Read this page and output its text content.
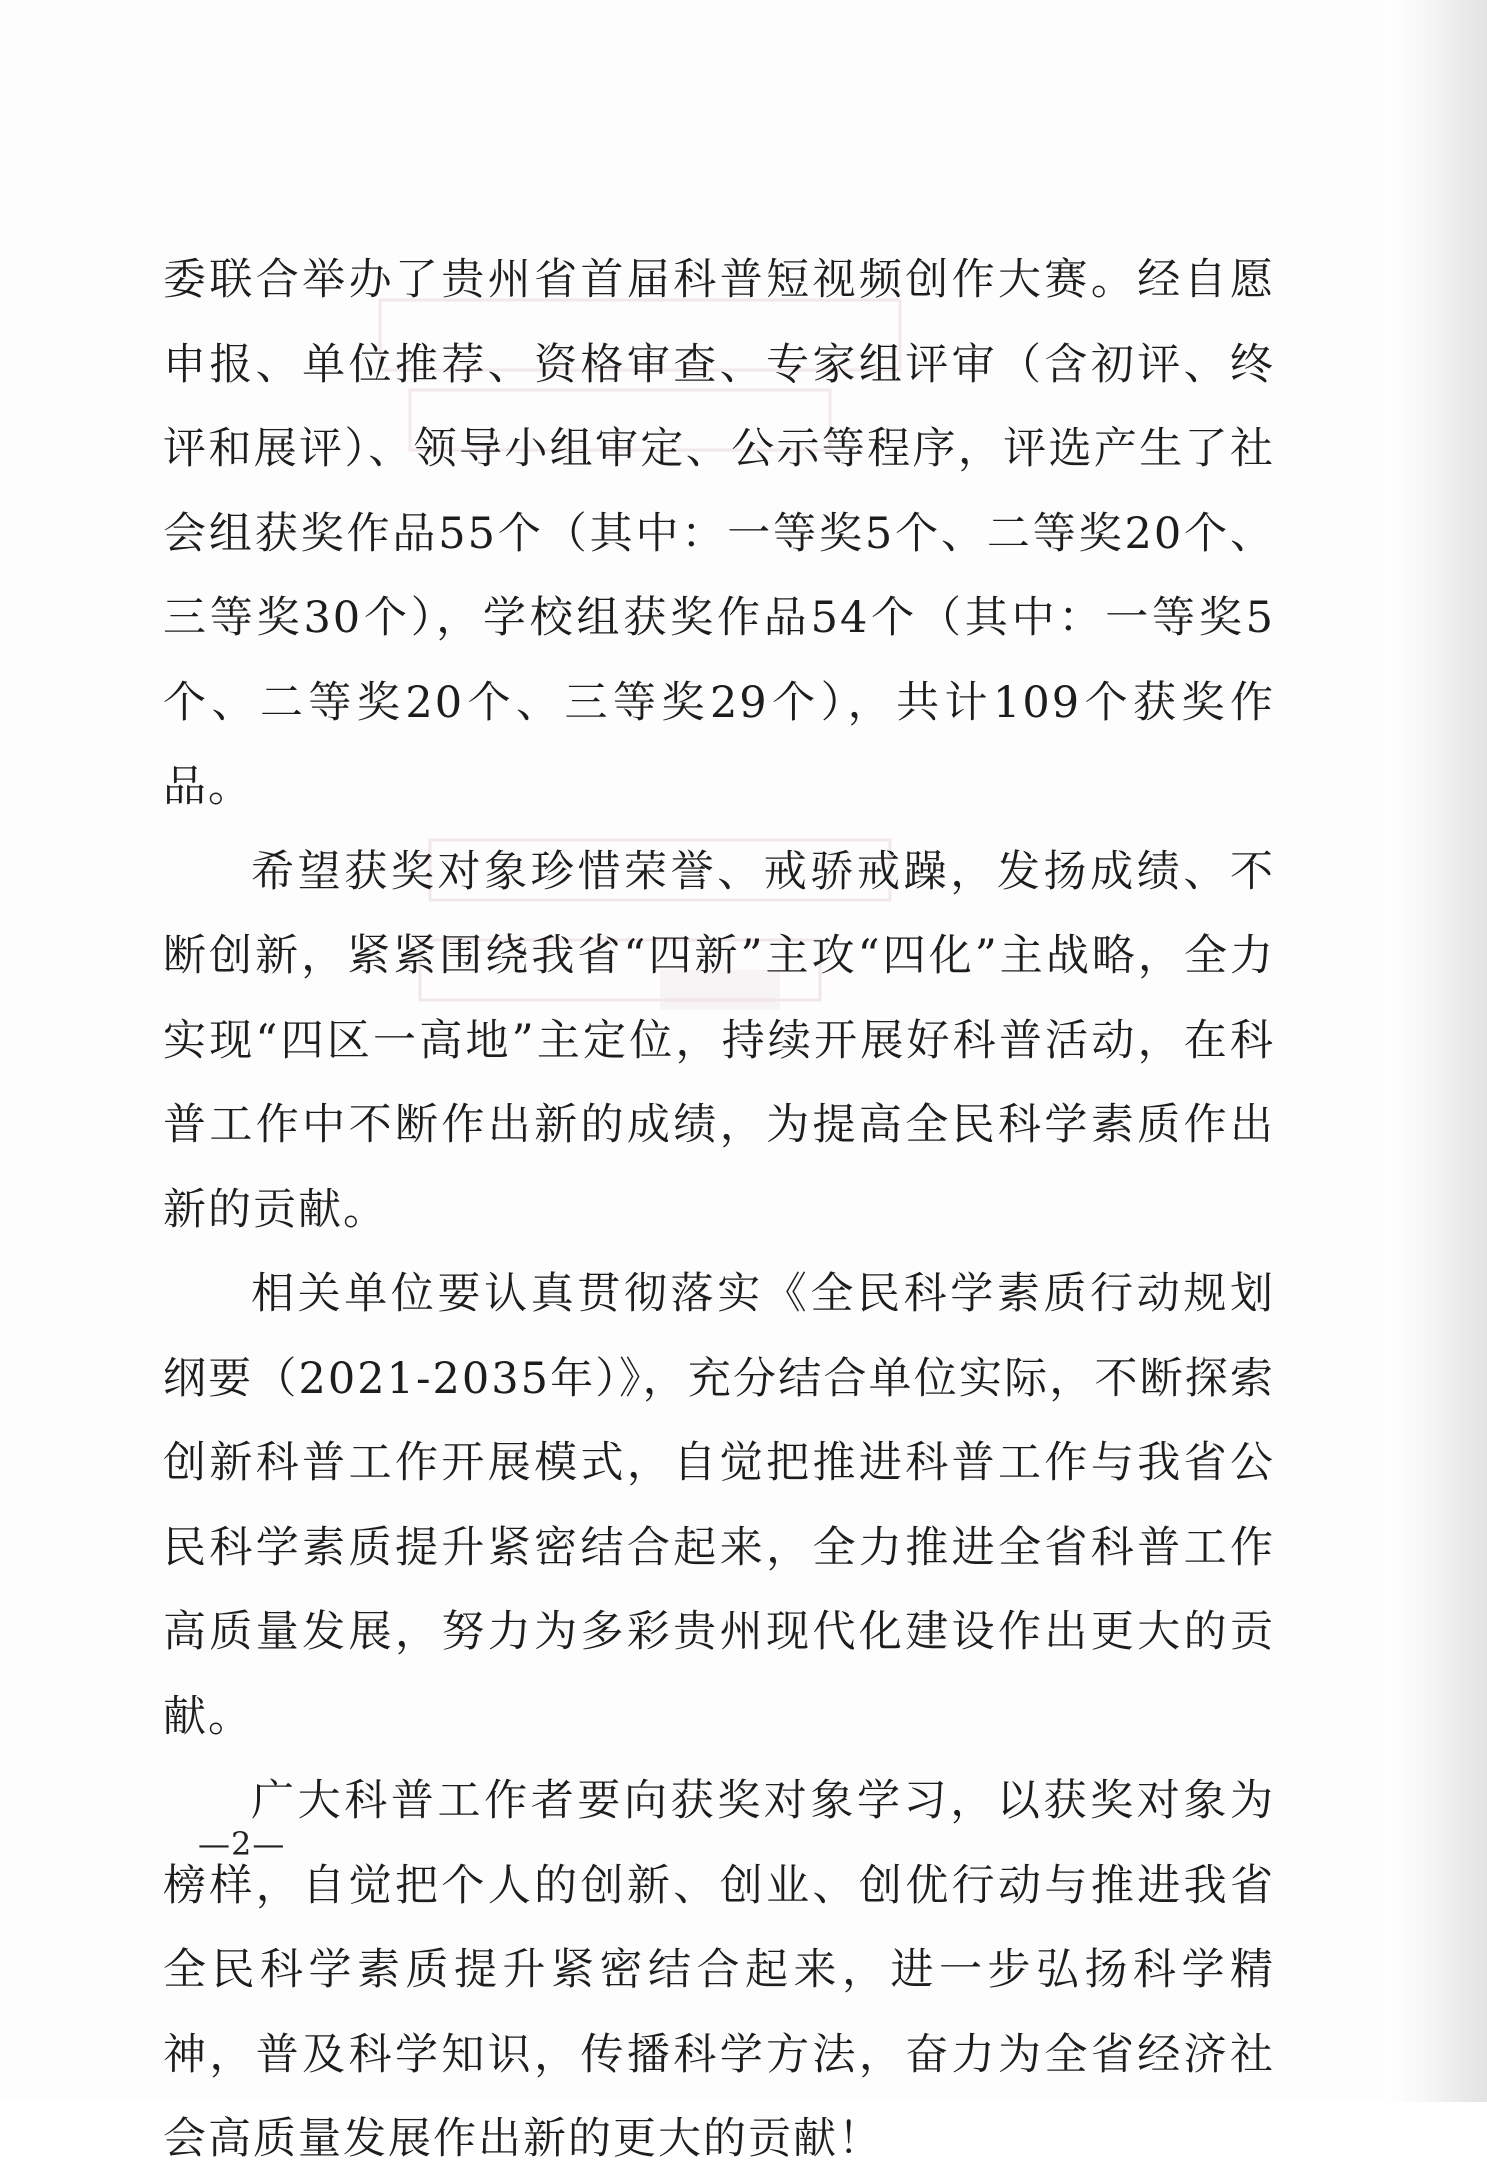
委联合举办了贵州省首届科普短视频创作大赛。经自愿申报、单位推荐、资格审查、专家组评审（含初评、终评和展评）、领导小组审定、公示等程序，评选产生了社会组获奖作品55个（其中：一等奖5个、二等奖20个、三等奖30个），学校组获奖作品54个（其中：一等奖5个、二等奖20个、三等奖29个），共计109个获奖作品。

希望获奖对象珍惜荣誉、戒骄戒躁，发扬成绩、不断创新，紧紧围绕我省“四新”主攻“四化”主战略，全力实现“四区一高地”主定位，持续开展好科普活动，在科普工作中不断作出新的成绩，为提高全民科学素质作出新的贡献。

相关单位要认真贯彻落实《全民科学素质行动规划纲要（2021-2035年）》，充分结合单位实际，不断探索创新科普工作开展模式，自觉把推进科普工作与我省公民科学素质提升紧密结合起来，全力推进全省科普工作高质量发展，努力为多彩贵州现代化建设作出更大的贡献。

广大科普工作者要向获奖对象学习，以获奖对象为榜样，自觉把个人的创新、创业、创优行动与推进我省全民科学素质提升紧密结合起来，进一步弘扬科学精神，普及科学知识，传播科学方法，奋力为全省经济社会高质量发展作出新的更大的贡献！

—2—
